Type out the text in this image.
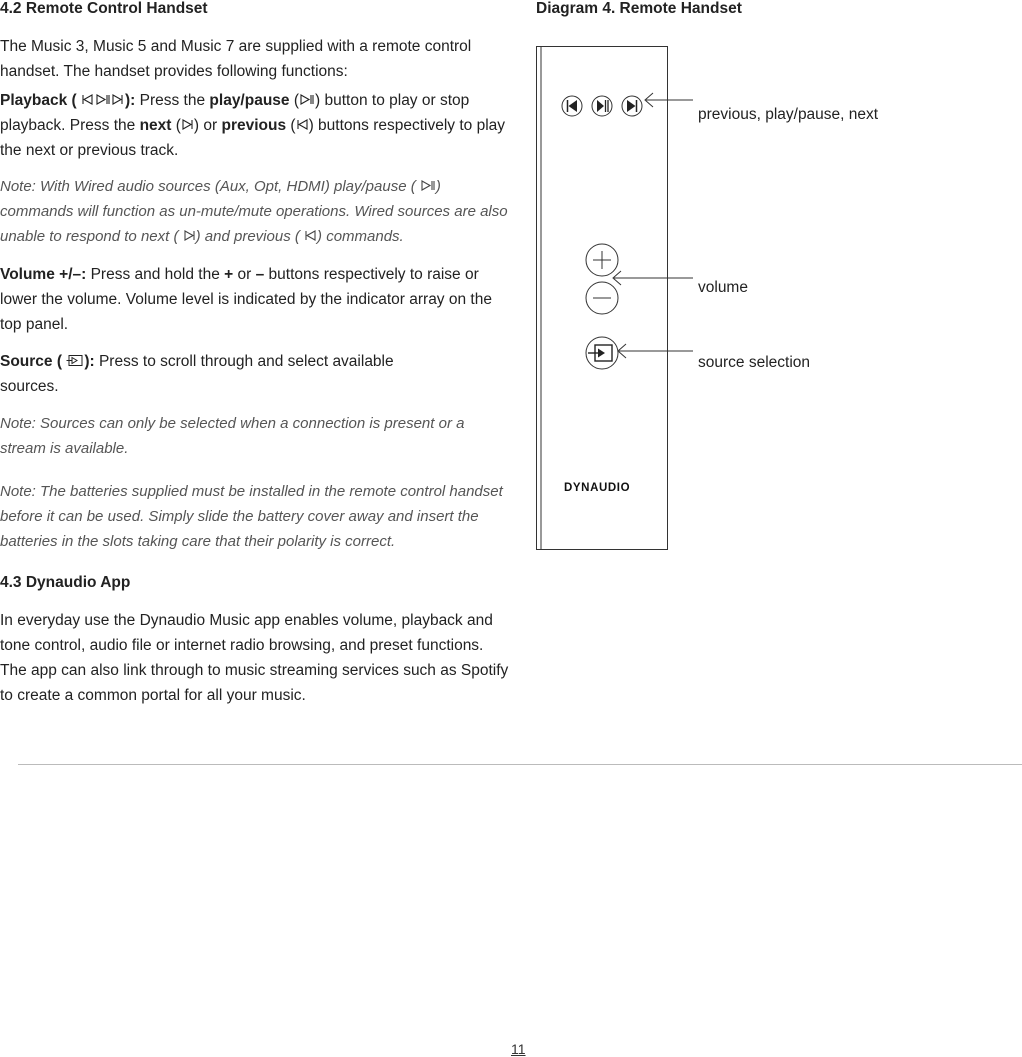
4.2 Remote Control Handset

The Music 3, Music 5 and Music 7 are supplied with a remote control handset. The handset provides following functions:

Playback (	): Press the play/pause ( ) button to play or stop playback. Press the next ( ) or previous ( ) buttons respectively to play the next or previous track.

Note: With Wired audio sources (Aux, Opt, HDMI) play/pause ( ) commands will function as un-mute/mute operations. Wired sources are also unable to respond to next ( ) and previous ( ) commands.

Volume +/–: Press and hold the + or – buttons respectively to raise or lower the volume. Volume level is indicated by the indicator array on the top panel.

Source ( ): Press to scroll through and select available sources.

Note: Sources can only be selected when a connection is present or a stream is available.

Note: The batteries supplied must be installed in the remote control handset before it can be used. Simply slide the battery cover away and insert the batteries in the slots taking care that their polarity is correct.

4.3 Dynaudio App

In everyday use the Dynaudio Music app enables volume, playback and tone control, audio file or internet radio browsing, and preset functions. The app can also link through to music streaming services such as Spotify to create a common portal for all your music.

Diagram 4. Remote Handset
DYNAUDIO
previous, play/pause, next
volume
source selection
11
